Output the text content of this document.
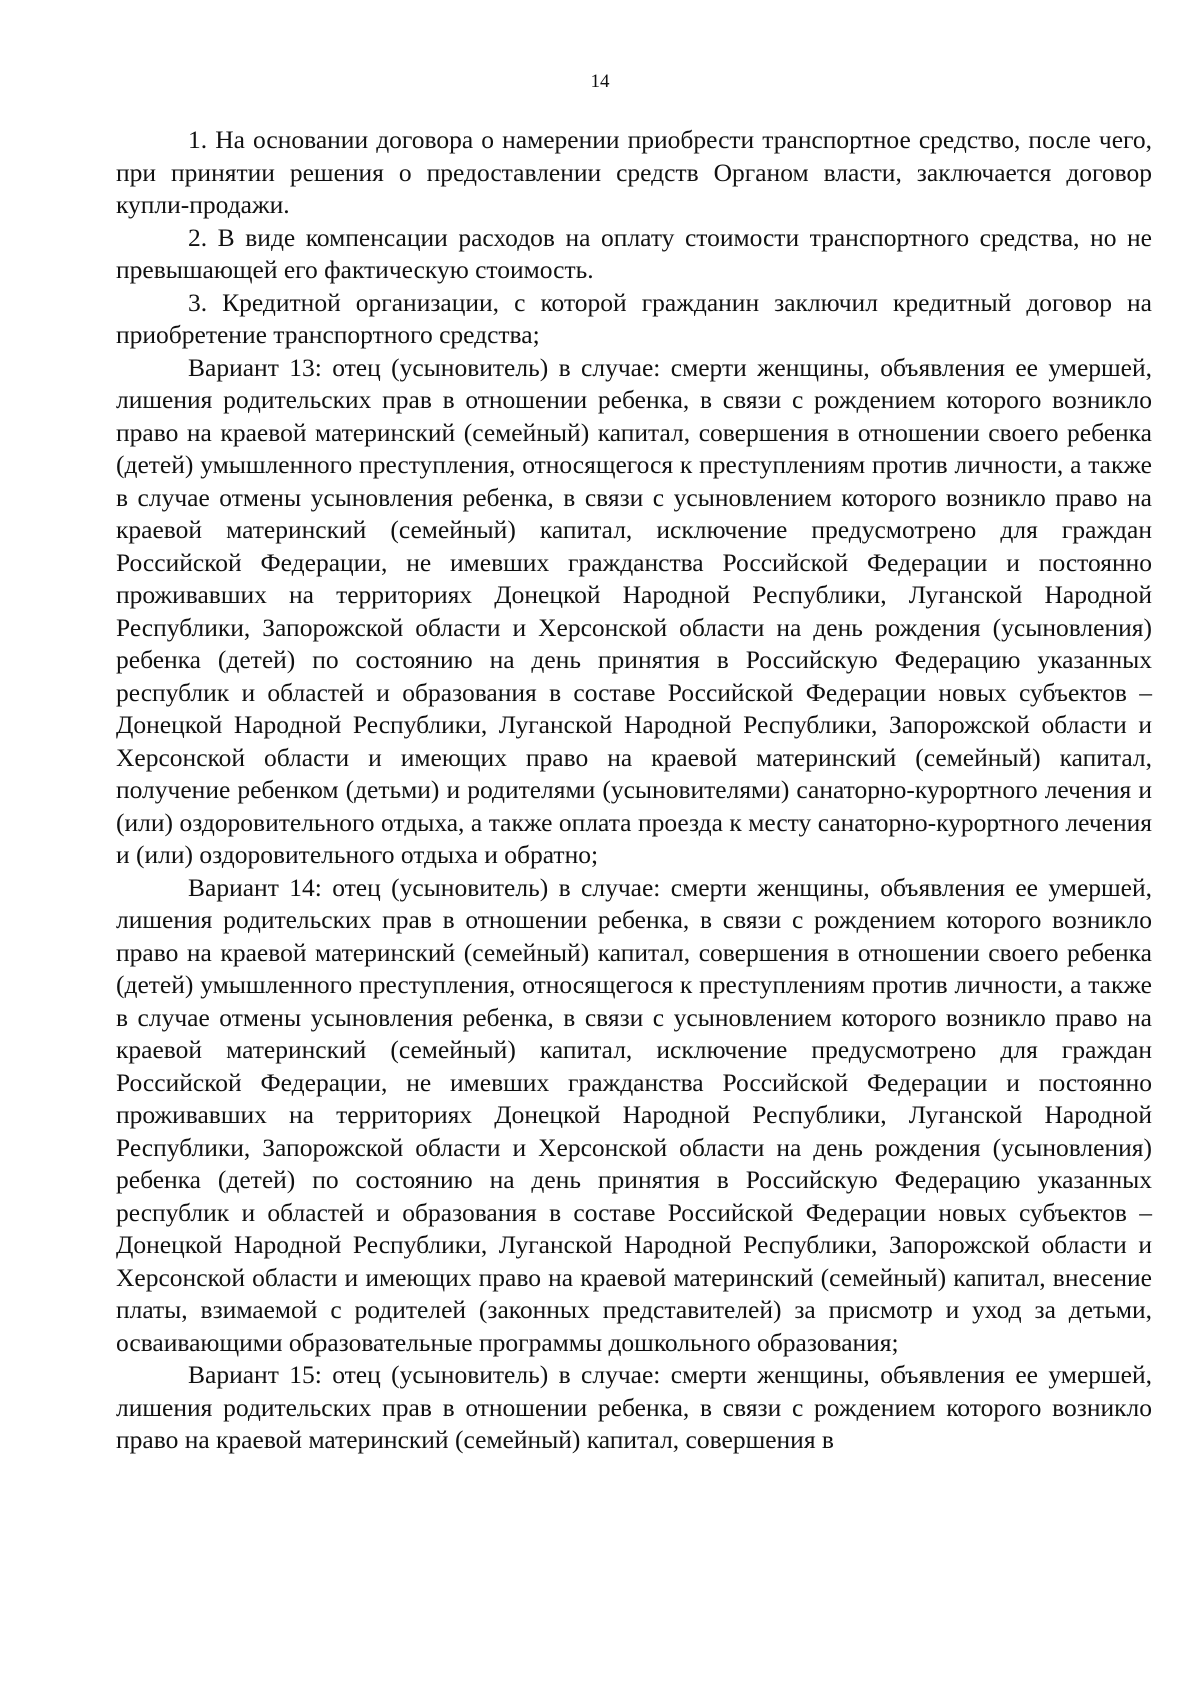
14

1. На основании договора о намерении приобрести транспортное средство, после чего, при принятии решения о предоставлении средств Органом власти, заключается договор купли-продажи.

2. В виде компенсации расходов на оплату стоимости транспортного средства, но не превышающей его фактическую стоимость.

3. Кредитной организации, с которой гражданин заключил кредитный договор на приобретение транспортного средства;

Вариант 13: отец (усыновитель) в случае: смерти женщины, объявления ее умершей, лишения родительских прав в отношении ребенка, в связи с рождением которого возникло право на краевой материнский (семейный) капитал, совершения в отношении своего ребенка (детей) умышленного преступления, относящегося к преступлениям против личности, а также в случае отмены усыновления ребенка, в связи с усыновлением которого возникло право на краевой материнский (семейный) капитал, исключение предусмотрено для граждан Российской Федерации, не имевших гражданства Российской Федерации и постоянно проживавших на территориях Донецкой Народной Республики, Луганской Народной Республики, Запорожской области и Херсонской области на день рождения (усыновления) ребенка (детей) по состоянию на день принятия в Российскую Федерацию указанных республик и областей и образования в составе Российской Федерации новых субъектов – Донецкой Народной Республики, Луганской Народной Республики, Запорожской области и Херсонской области и имеющих право на краевой материнский (семейный) капитал, получение ребенком (детьми) и родителями (усыновителями) санаторно-курортного лечения и (или) оздоровительного отдыха, а также оплата проезда к месту санаторно-курортного лечения и (или) оздоровительного отдыха и обратно;

Вариант 14: отец (усыновитель) в случае: смерти женщины, объявления ее умершей, лишения родительских прав в отношении ребенка, в связи с рождением которого возникло право на краевой материнский (семейный) капитал, совершения в отношении своего ребенка (детей) умышленного преступления, относящегося к преступлениям против личности, а также в случае отмены усыновления ребенка, в связи с усыновлением которого возникло право на краевой материнский (семейный) капитал, исключение предусмотрено для граждан Российской Федерации, не имевших гражданства Российской Федерации и постоянно проживавших на территориях Донецкой Народной Республики, Луганской Народной Республики, Запорожской области и Херсонской области на день рождения (усыновления) ребенка (детей) по состоянию на день принятия в Российскую Федерацию указанных республик и областей и образования в составе Российской Федерации новых субъектов – Донецкой Народной Республики, Луганской Народной Республики, Запорожской области и Херсонской области и имеющих право на краевой материнский (семейный) капитал, внесение платы, взимаемой с родителей (законных представителей) за присмотр и уход за детьми, осваивающими образовательные программы дошкольного образования;

Вариант 15: отец (усыновитель) в случае: смерти женщины, объявления ее умершей, лишения родительских прав в отношении ребенка, в связи с рождением которого возникло право на краевой материнский (семейный) капитал, совершения в
